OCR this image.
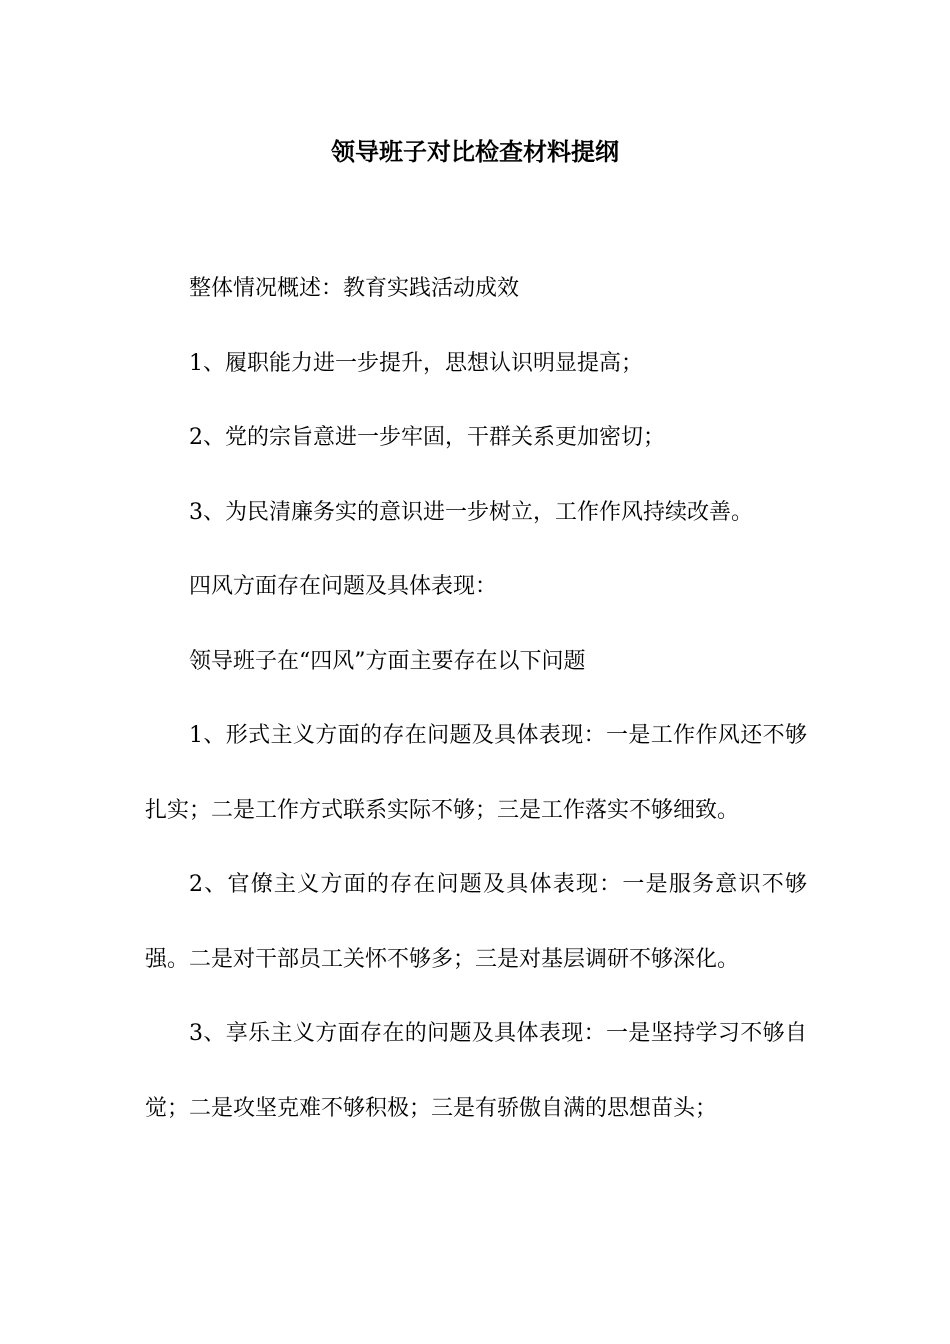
领导班子对比检查材料提纲

整体情况概述：教育实践活动成效

1、履职能力进一步提升，思想认识明显提高；

2、党的宗旨意进一步牢固，干群关系更加密切；

3、为民清廉务实的意识进一步树立，工作作风持续改善。

四风方面存在问题及具体表现：

领导班子在“四风”方面主要存在以下问题

1、形式主义方面的存在问题及具体表现：一是工作作风还不够扎实；二是工作方式联系实际不够；三是工作落实不够细致。

2、官僚主义方面的存在问题及具体表现：一是服务意识不够强。二是对干部员工关怀不够多；三是对基层调研不够深化。

3、享乐主义方面存在的问题及具体表现：一是坚持学习不够自觉；二是攻坚克难不够积极；三是有骄傲自满的思想苗头；
